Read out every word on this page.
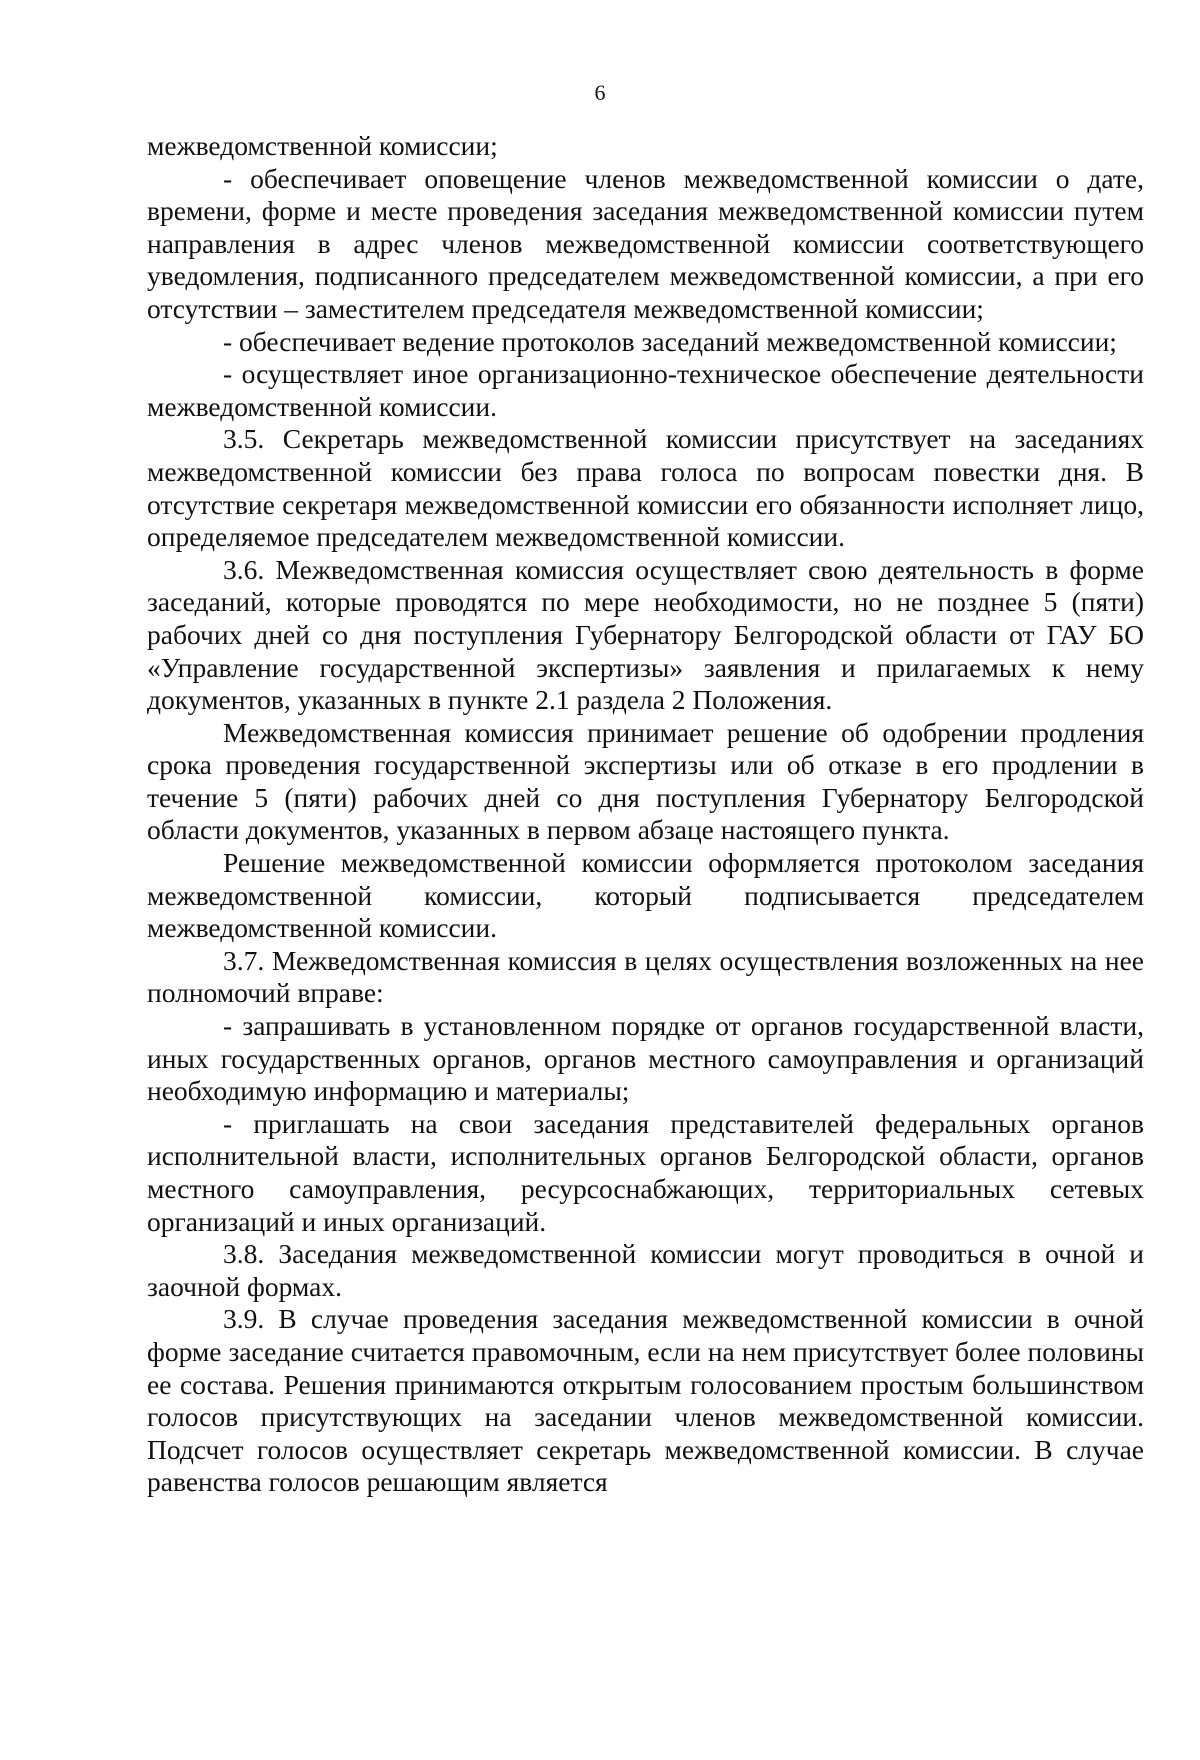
6

межведомственной комиссии;

- обеспечивает оповещение членов межведомственной комиссии о дате, времени, форме и месте проведения заседания межведомственной комиссии путем направления в адрес членов межведомственной комиссии соответствующего уведомления, подписанного председателем межведомственной комиссии, а при его отсутствии – заместителем председателя межведомственной комиссии;

- обеспечивает ведение протоколов заседаний межведомственной комиссии;

- осуществляет иное организационно-техническое обеспечение деятельности межведомственной комиссии.

3.5. Секретарь межведомственной комиссии присутствует на заседаниях межведомственной комиссии без права голоса по вопросам повестки дня. В отсутствие секретаря межведомственной комиссии его обязанности исполняет лицо, определяемое председателем межведомственной комиссии.

3.6. Межведомственная комиссия осуществляет свою деятельность в форме заседаний, которые проводятся по мере необходимости, но не позднее 5 (пяти) рабочих дней со дня поступления Губернатору Белгородской области от ГАУ БО «Управление государственной экспертизы» заявления и прилагаемых к нему документов, указанных в пункте 2.1 раздела 2 Положения.

Межведомственная комиссия принимает решение об одобрении продления срока проведения государственной экспертизы или об отказе в его продлении в течение 5 (пяти) рабочих дней со дня поступления Губернатору Белгородской области документов, указанных в первом абзаце настоящего пункта.

Решение межведомственной комиссии оформляется протоколом заседания межведомственной комиссии, который подписывается председателем межведомственной комиссии.

3.7. Межведомственная комиссия в целях осуществления возложенных на нее полномочий вправе:

- запрашивать в установленном порядке от органов государственной власти, иных государственных органов, органов местного самоуправления и организаций необходимую информацию и материалы;

- приглашать на свои заседания представителей федеральных органов исполнительной власти, исполнительных органов Белгородской области, органов местного самоуправления, ресурсоснабжающих, территориальных сетевых организаций и иных организаций.

3.8. Заседания межведомственной комиссии могут проводиться в очной и заочной формах.

3.9. В случае проведения заседания межведомственной комиссии в очной форме заседание считается правомочным, если на нем присутствует более половины ее состава. Решения принимаются открытым голосованием простым большинством голосов присутствующих на заседании членов межведомственной комиссии. Подсчет голосов осуществляет секретарь межведомственной комиссии. В случае равенства голосов решающим является
